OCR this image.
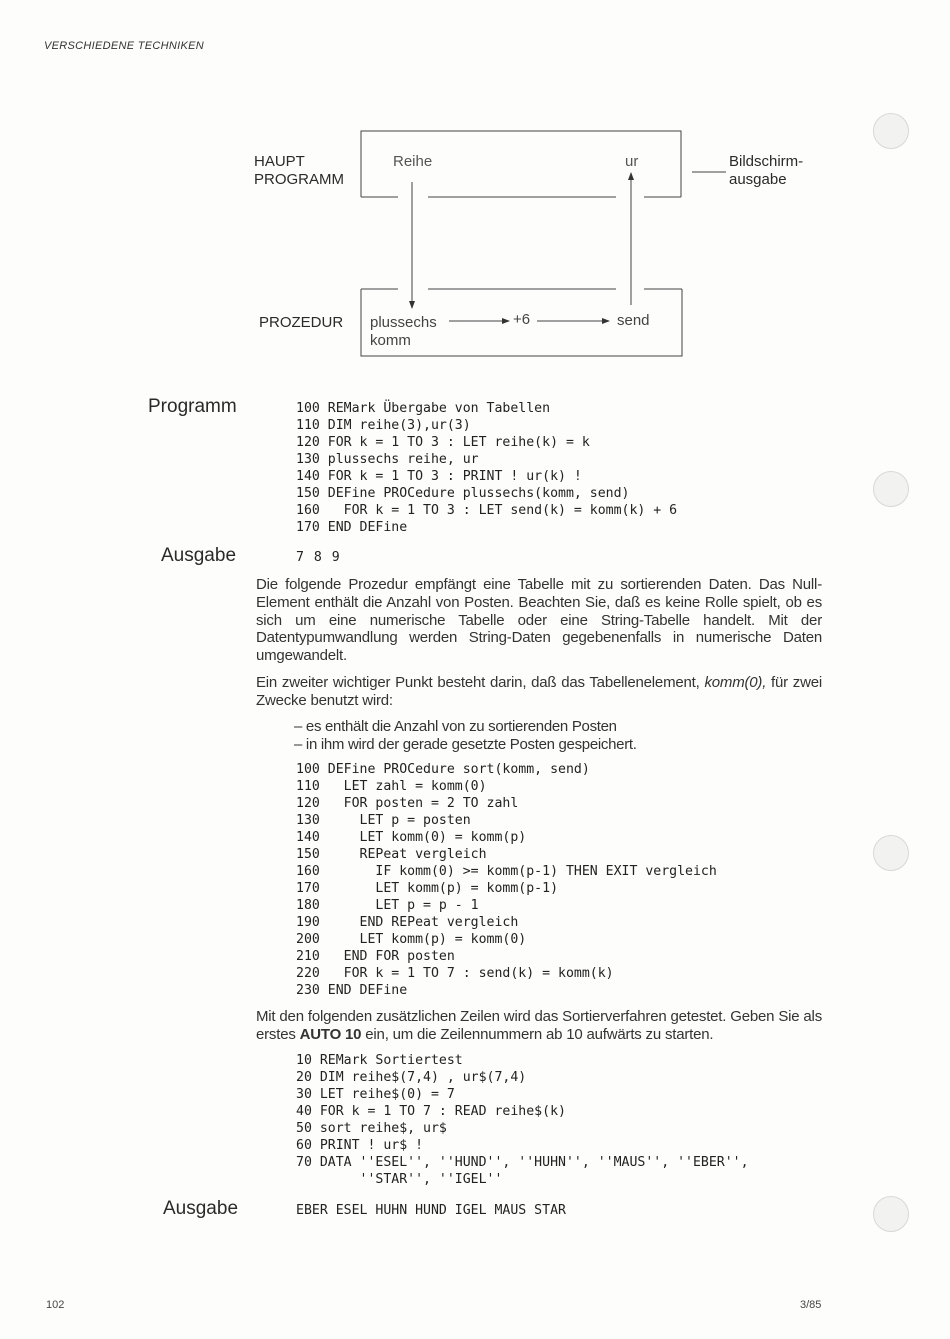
VERSCHIEDENE TECHNIKEN
HAUPT
PROGRAMM
Reihe	ur	Bildschirm-
ausgabe
PROZEDUR plussechs
komm
+6	send
Programm	100 REMark Übergabe von Tabellen
110 DIM reihe(3),ur(3)
120 FOR k = 1 TO 3 : LET reihe(k) = k
130 plussechs reihe, ur
140 FOR k = 1 TO 3 : PRINT ! ur(k) !
150 DEFine PROCedure plussechs(komm, send)
160   FOR k = 1 TO 3 : LET send(k) = komm(k) + 6
170 END DEFine
Ausgabe	7 8 9
Die folgende Prozedur empfängt eine Tabelle mit zu sortierenden Daten. Das Null-Element enthält die Anzahl von Posten. Beachten Sie, daß es keine Rolle spielt, ob es sich um eine numerische Tabelle oder eine String-Tabelle handelt. Mit der Datentypumwandlung werden String-Daten gegebenenfalls in numerische Daten umgewandelt.
Ein zweiter wichtiger Punkt besteht darin, daß das Tabellenelement, komm(0), für zwei Zwecke benutzt wird:
– es enthält die Anzahl von zu sortierenden Posten
– in ihm wird der gerade gesetzte Posten gespeichert.
100 DEFine PROCedure sort(komm, send)
110   LET zahl = komm(0)
120   FOR posten = 2 TO zahl
130     LET p = posten
140     LET komm(0) = komm(p)
150     REPeat vergleich
160       IF komm(0) >= komm(p-1) THEN EXIT vergleich
170       LET komm(p) = komm(p-1)
180       LET p = p - 1
190     END REPeat vergleich
200     LET komm(p) = komm(0)
210   END FOR posten
220   FOR k = 1 TO 7 : send(k) = komm(k)
230 END DEFine
Mit den folgenden zusätzlichen Zeilen wird das Sortierverfahren getestet. Geben Sie als erstes AUTO 10 ein, um die Zeilennummern ab 10 aufwärts zu starten.
10 REMark Sortiertest
20 DIM reihe$(7,4) , ur$(7,4)
30 LET reihe$(0) = 7
40 FOR k = 1 TO 7 : READ reihe$(k)
50 sort reihe$, ur$
60 PRINT ! ur$ !
70 DATA ''ESEL'', ''HUND'', ''HUHN'', ''MAUS'', ''EBER'',
''STAR'', ''IGEL''
Ausgabe	EBER ESEL HUHN HUND IGEL MAUS STAR
102	3/85
